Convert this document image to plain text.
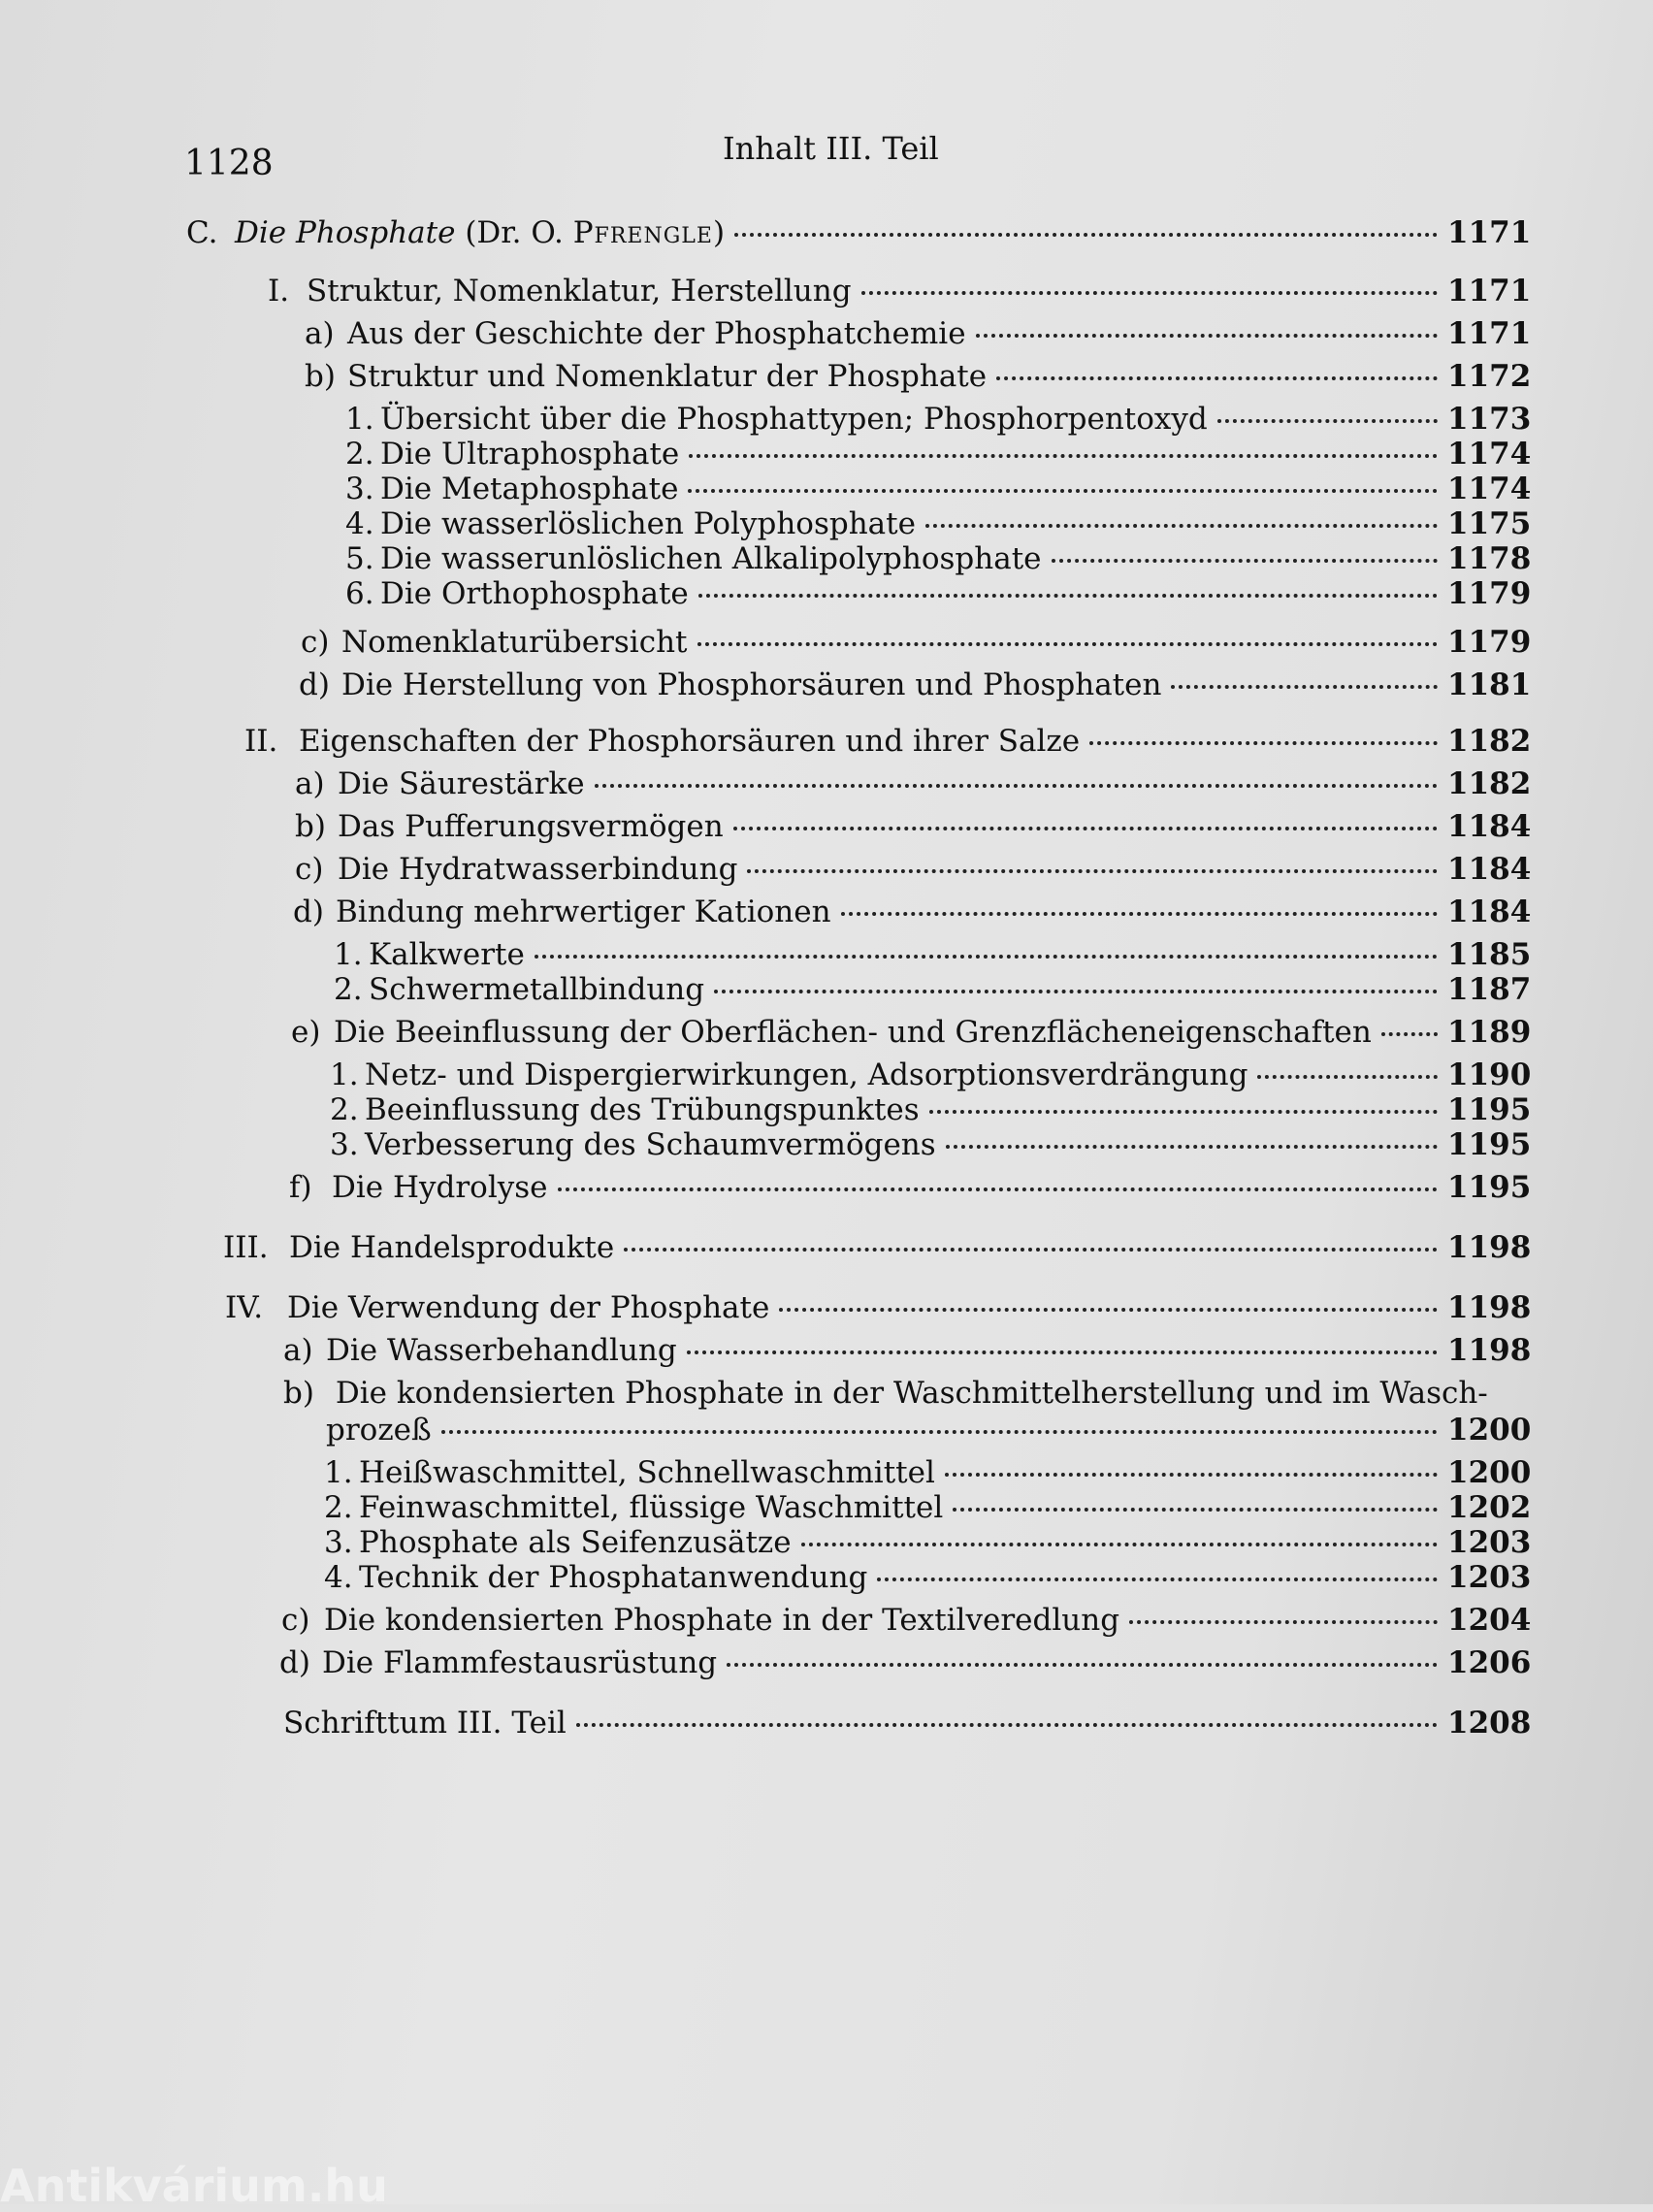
1128	Inhalt III. Teil
C. Die Phosphate (Dr. O. Pfrengle)	1171
I. Struktur, Nomenklatur, Herstellung	1171
a) Aus der Geschichte der Phosphatchemie	1171
b) Struktur und Nomenklatur der Phosphate	1172
1. Übersicht über die Phosphattypen; Phosphorpentoxyd	1173
2. Die Ultraphosphate	1174
3. Die Metaphosphate	1174
4. Die wasserlöslichen Polyphosphate	1175
5. Die wasserunlöslichen Alkalipolyphosphate	1178
6. Die Orthophosphate	1179
c) Nomenklaturübersicht	1179
d) Die Herstellung von Phosphorsäuren und Phosphaten	1181
II. Eigenschaften der Phosphorsäuren und ihrer Salze	1182
a) Die Säurestärke	1182
b) Das Pufferungsvermögen	1184
c) Die Hydratwasserbindung	1184
d) Bindung mehrwertiger Kationen	1184
1. Kalkwerte	1185
2. Schwermetallbindung	1187
e) Die Beeinflussung der Oberflächen- und Grenzflächeneigenschaften	1189
1. Netz- und Dispergierwirkungen, Adsorptionsverdrängung	1190
2. Beeinflussung des Trübungspunktes	1195
3. Verbesserung des Schaumvermögens	1195
f) Die Hydrolyse	1195
III. Die Handelsprodukte	1198
IV. Die Verwendung der Phosphate	1198
a) Die Wasserbehandlung	1198
b) Die kondensierten Phosphate in der Waschmittelherstellung und im Wasch-
prozeß	1200
1. Heißwaschmittel, Schnellwaschmittel	1200
2. Feinwaschmittel, flüssige Waschmittel	1202
3. Phosphate als Seifenzusätze	1203
4. Technik der Phosphatanwendung	1203
c) Die kondensierten Phosphate in der Textilveredlung	1204
d) Die Flammfestausrüstung	1206
Schrifttum III. Teil	1208
Antikvárium.hu
